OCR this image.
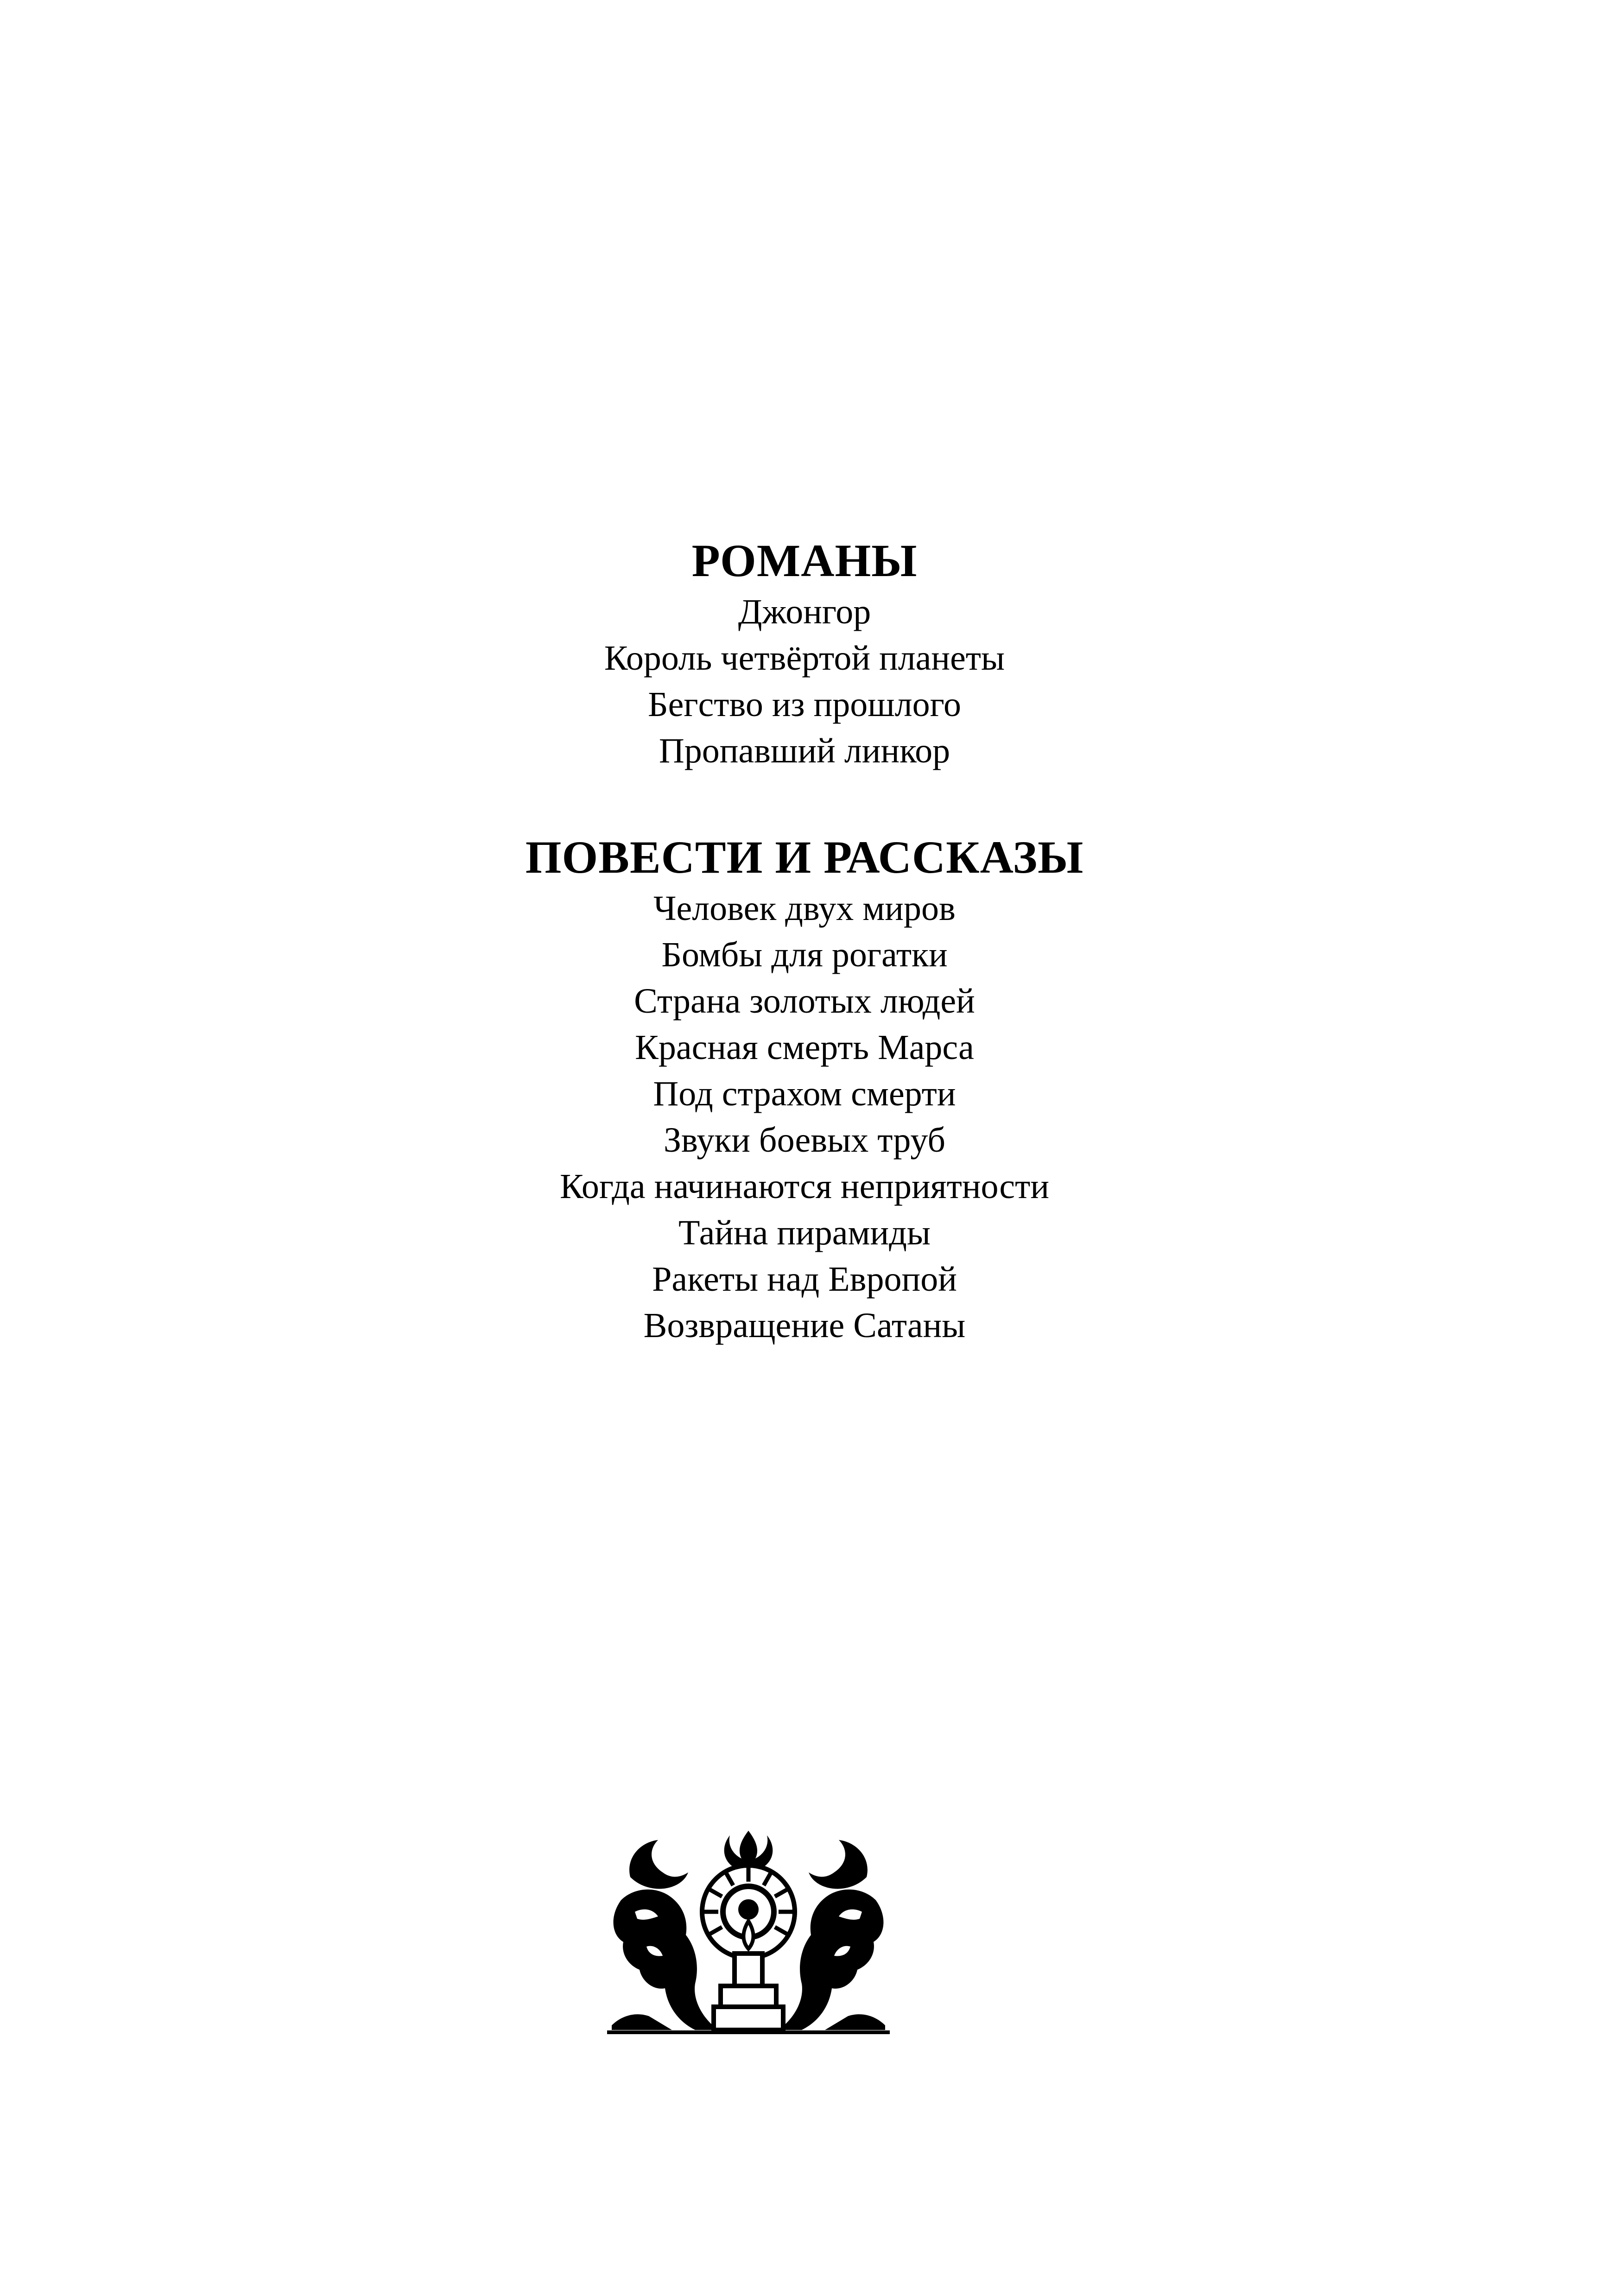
РОМАНЫ
Джонгор
Король четвёртой планеты
Бегство из прошлого
Пропавший линкор
ПОВЕСТИ И РАССКАЗЫ
Человек двух миров
Бомбы для рогатки
Страна золотых людей
Красная смерть Марса
Под страхом смерти
Звуки боевых труб
Когда начинаются неприятности
Тайна пирамиды
Ракеты над Европой
Возвращение Сатаны
